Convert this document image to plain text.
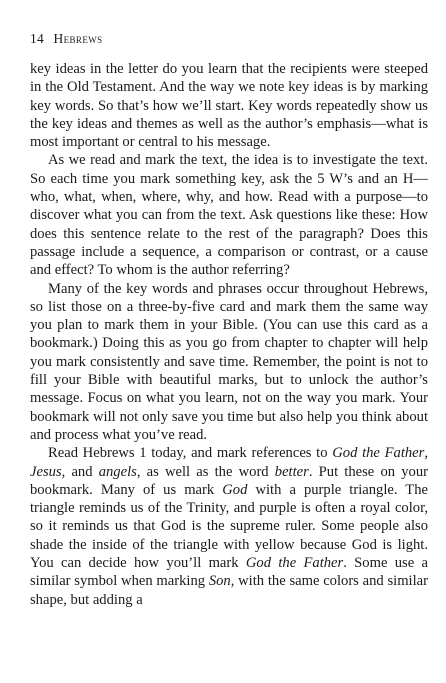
14 Hebrews

key ideas in the letter do you learn that the recipients were steeped in the Old Testament. And the way we note key ideas is by marking key words. So that’s how we’ll start. Key words repeatedly show us the key ideas and themes as well as the author’s emphasis—what is most important or central to his message.

As we read and mark the text, the idea is to investigate the text. So each time you mark something key, ask the 5 W’s and an H—who, what, when, where, why, and how. Read with a purpose—to discover what you can from the text. Ask questions like these: How does this sentence relate to the rest of the paragraph? Does this passage include a sequence, a comparison or contrast, or a cause and effect? To whom is the author referring?

Many of the key words and phrases occur throughout Hebrews, so list those on a three-by-five card and mark them the same way you plan to mark them in your Bible. (You can use this card as a bookmark.) Doing this as you go from chapter to chapter will help you mark consistently and save time. Remember, the point is not to fill your Bible with beautiful marks, but to unlock the author’s message. Focus on what you learn, not on the way you mark. Your bookmark will not only save you time but also help you think about and process what you’ve read.

Read Hebrews 1 today, and mark references to God the Father, Jesus, and angels, as well as the word better. Put these on your bookmark. Many of us mark God with a purple triangle. The triangle reminds us of the Trinity, and purple is often a royal color, so it reminds us that God is the supreme ruler. Some people also shade the inside of the triangle with yellow because God is light. You can decide how you’ll mark God the Father. Some use a similar symbol when marking Son, with the same colors and similar shape, but adding a
